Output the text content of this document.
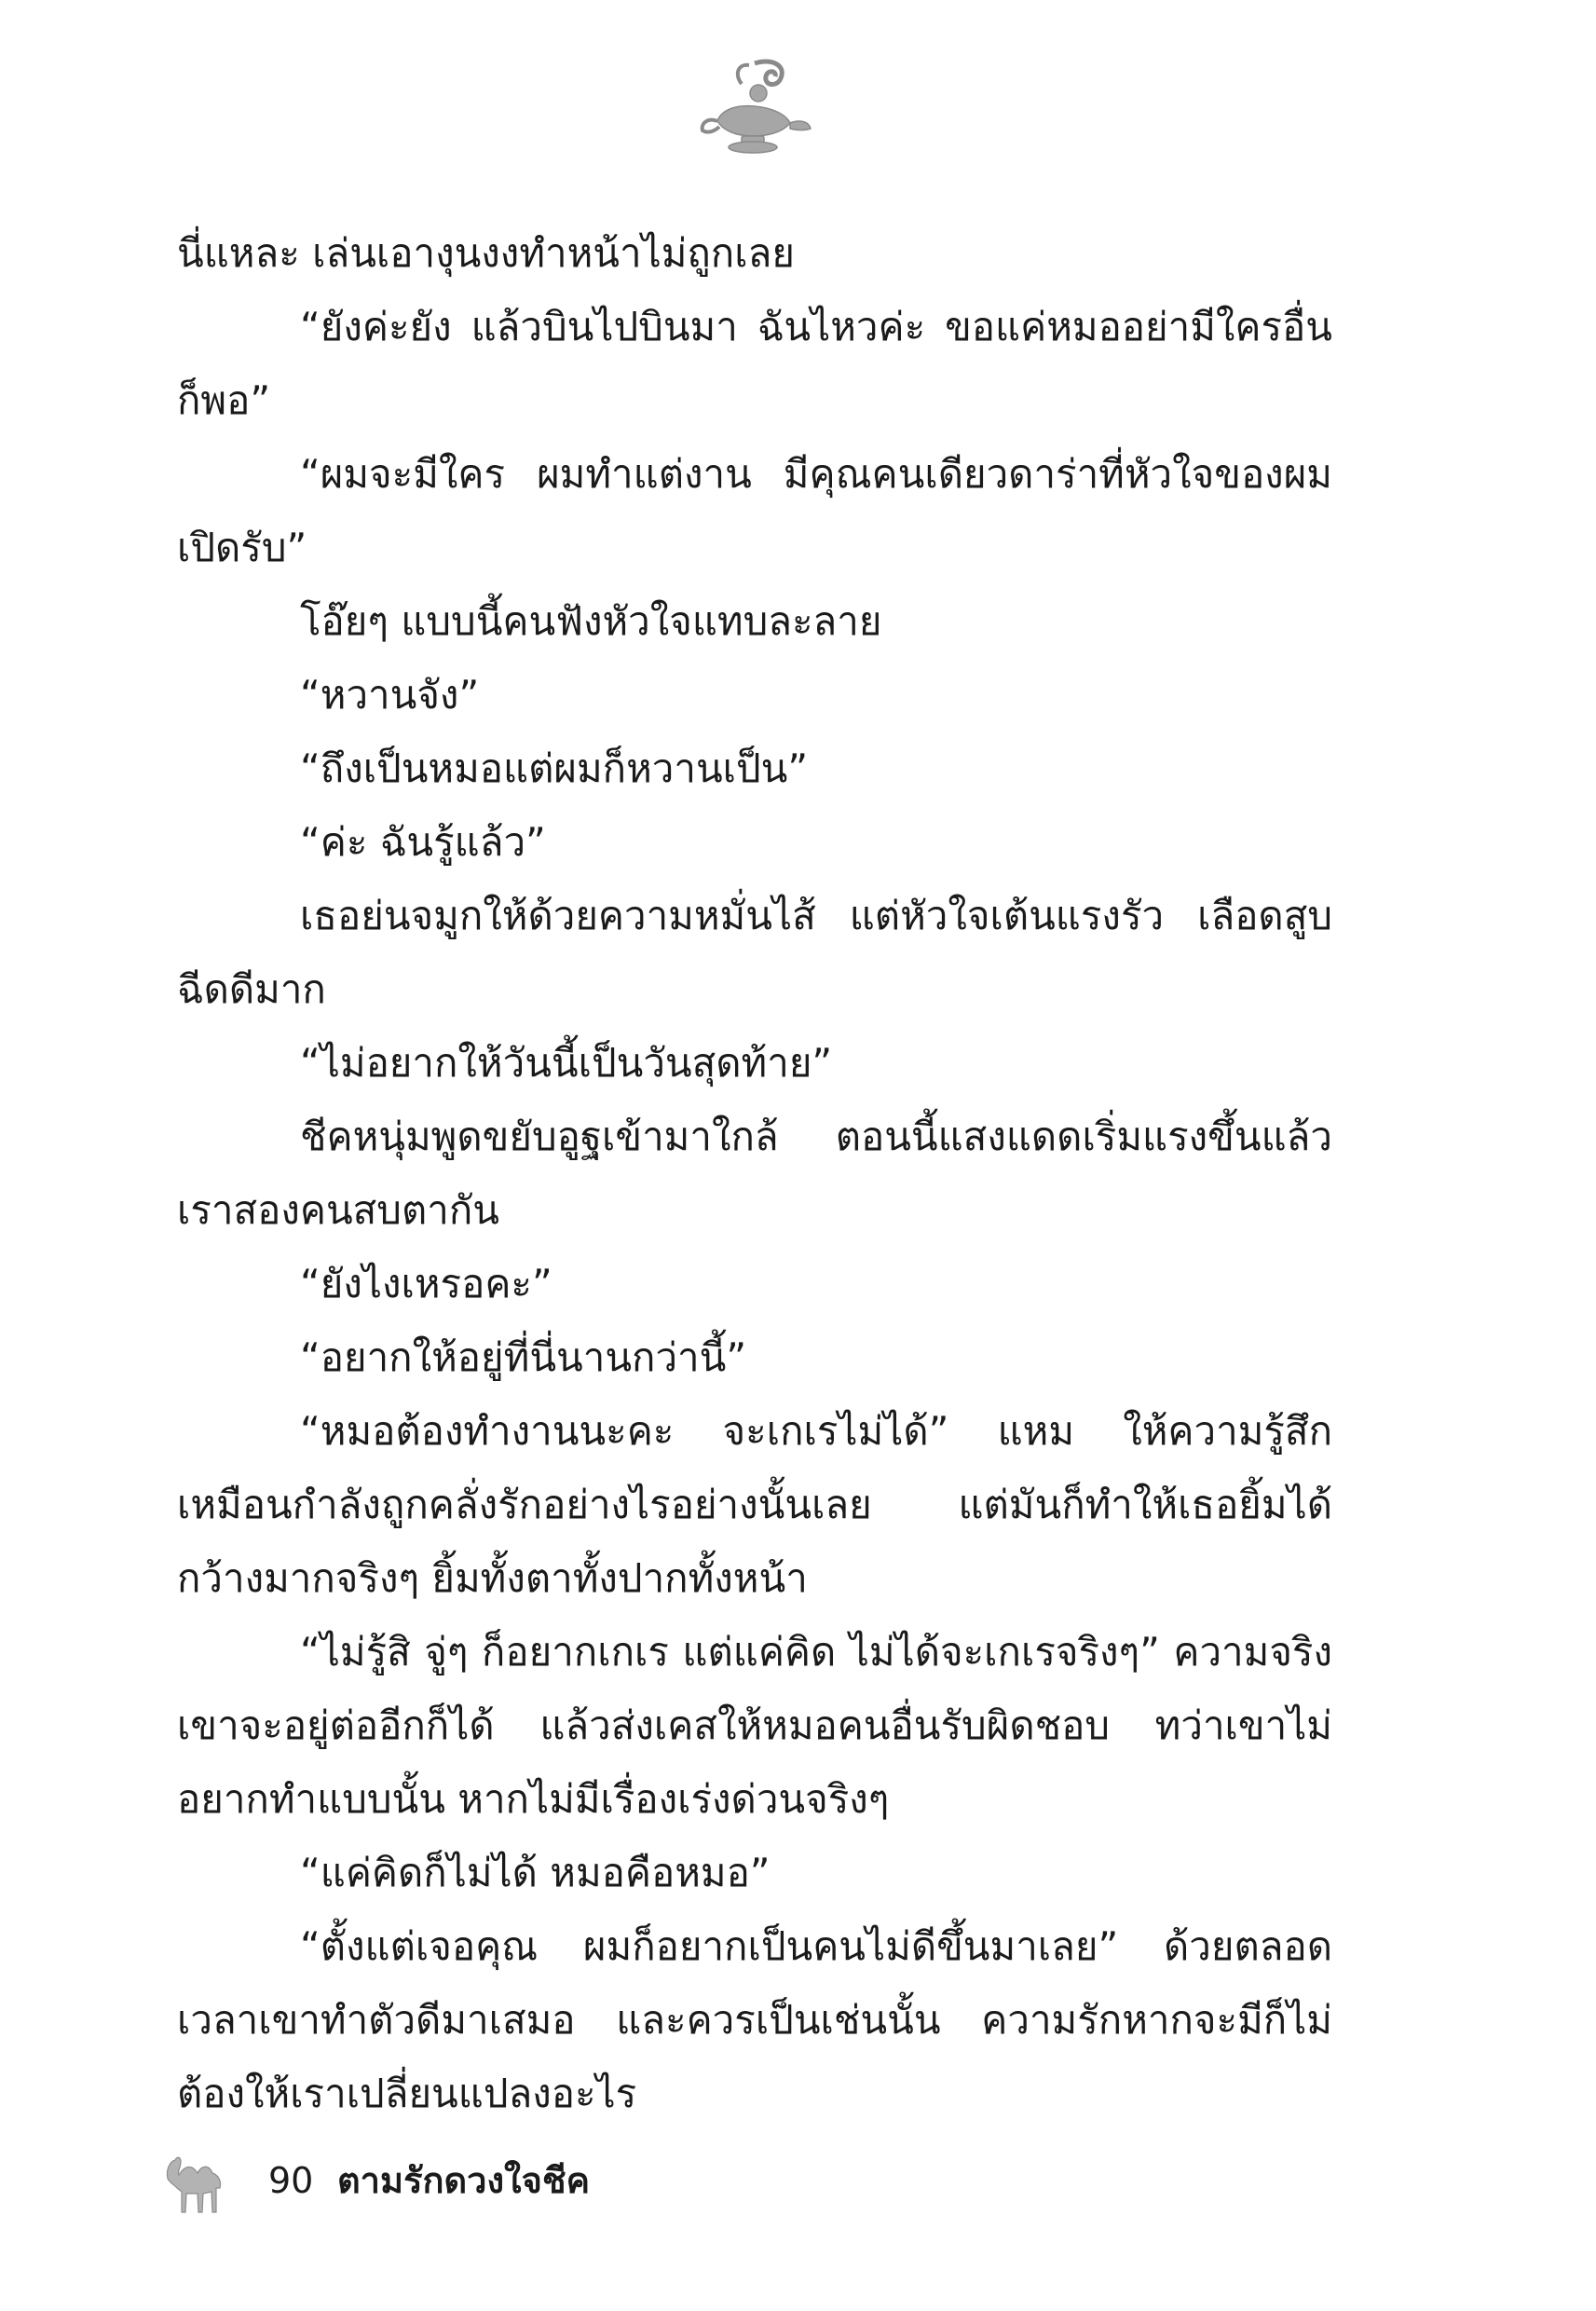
นี่แหละ เล่นเอางุนงงทำหน้าไม่ถูกเลย

“ยังค่ะยัง แล้วบินไปบินมา ฉันไหวค่ะ ขอแค่หมออย่ามีใครอื่นก็พอ”

“ผมจะมีใคร ผมทำแต่งาน มีคุณคนเดียวดาร่าที่หัวใจของผมเปิดรับ”

โอ๊ยๆ แบบนี้คนฟังหัวใจแทบละลาย

“หวานจัง”

“ถึงเป็นหมอแต่ผมก็หวานเป็น”

“ค่ะ ฉันรู้แล้ว”

เธอย่นจมูกให้ด้วยความหมั่นไส้ แต่หัวใจเต้นแรงรัว เลือดสูบฉีดดีมาก

“ไม่อยากให้วันนี้เป็นวันสุดท้าย”

ชีคหนุ่มพูดขยับอูฐเข้ามาใกล้ ตอนนี้แสงแดดเริ่มแรงขึ้นแล้วเราสองคนสบตากัน

“ยังไงเหรอคะ”

“อยากให้อยู่ที่นี่นานกว่านี้”

“หมอต้องทำงานนะคะ จะเกเรไม่ได้” แหม ให้ความรู้สึกเหมือนกำลังถูกคลั่งรักอย่างไรอย่างนั้นเลย แต่มันก็ทำให้เธอยิ้มได้กว้างมากจริงๆ ยิ้มทั้งตาทั้งปากทั้งหน้า

“ไม่รู้สิ จู่ๆ ก็อยากเกเร แต่แค่คิด ไม่ได้จะเกเรจริงๆ” ความจริงเขาจะอยู่ต่ออีกก็ได้ แล้วส่งเคสให้หมอคนอื่นรับผิดชอบ ทว่าเขาไม่อยากทำแบบนั้น หากไม่มีเรื่องเร่งด่วนจริงๆ

“แค่คิดก็ไม่ได้ หมอคือหมอ”

“ตั้งแต่เจอคุณ ผมก็อยากเป็นคนไม่ดีขึ้นมาเลย” ด้วยตลอดเวลาเขาทำตัวดีมาเสมอ และควรเป็นเช่นนั้น ความรักหากจะมีก็ไม่ต้องให้เราเปลี่ยนแปลงอะไร

90 ตามรักดวงใจชีค
